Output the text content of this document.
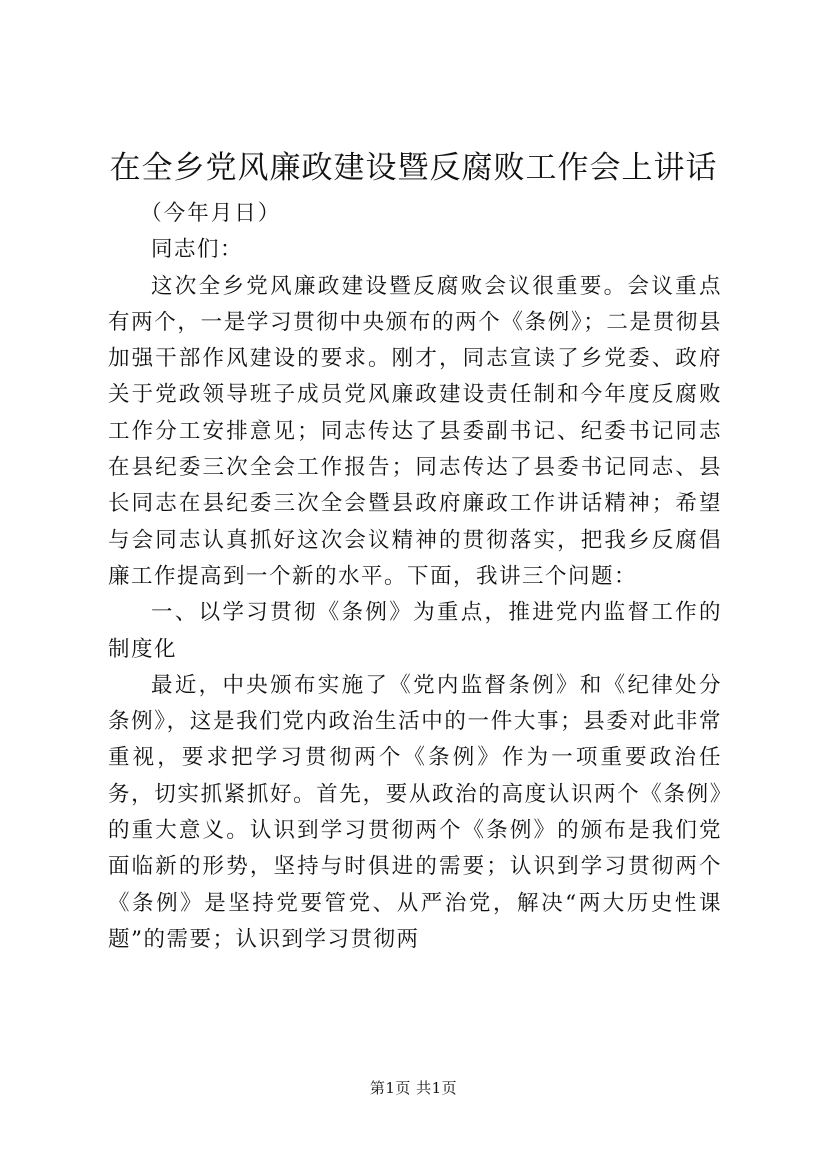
在全乡党风廉政建设暨反腐败工作会上讲话

（今年月日）

同志们：

这次全乡党风廉政建设暨反腐败会议很重要。会议重点有两个，一是学习贯彻中央颁布的两个《条例》；二是贯彻县加强干部作风建设的要求。刚才，同志宣读了乡党委、政府关于党政领导班子成员党风廉政建设责任制和今年度反腐败工作分工安排意见；同志传达了县委副书记、纪委书记同志在县纪委三次全会工作报告；同志传达了县委书记同志、县长同志在县纪委三次全会暨县政府廉政工作讲话精神；希望与会同志认真抓好这次会议精神的贯彻落实，把我乡反腐倡廉工作提高到一个新的水平。下面，我讲三个问题：

一、以学习贯彻《条例》为重点，推进党内监督工作的制度化

最近，中央颁布实施了《党内监督条例》和《纪律处分条例》，这是我们党内政治生活中的一件大事；县委对此非常重视，要求把学习贯彻两个《条例》作为一项重要政治任务，切实抓紧抓好。首先，要从政治的高度认识两个《条例》的重大意义。认识到学习贯彻两个《条例》的颁布是我们党面临新的形势，坚持与时俱进的需要；认识到学习贯彻两个《条例》是坚持党要管党、从严治党，解决“两大历史性课题”的需要；认识到学习贯彻两

第1页 共1页
